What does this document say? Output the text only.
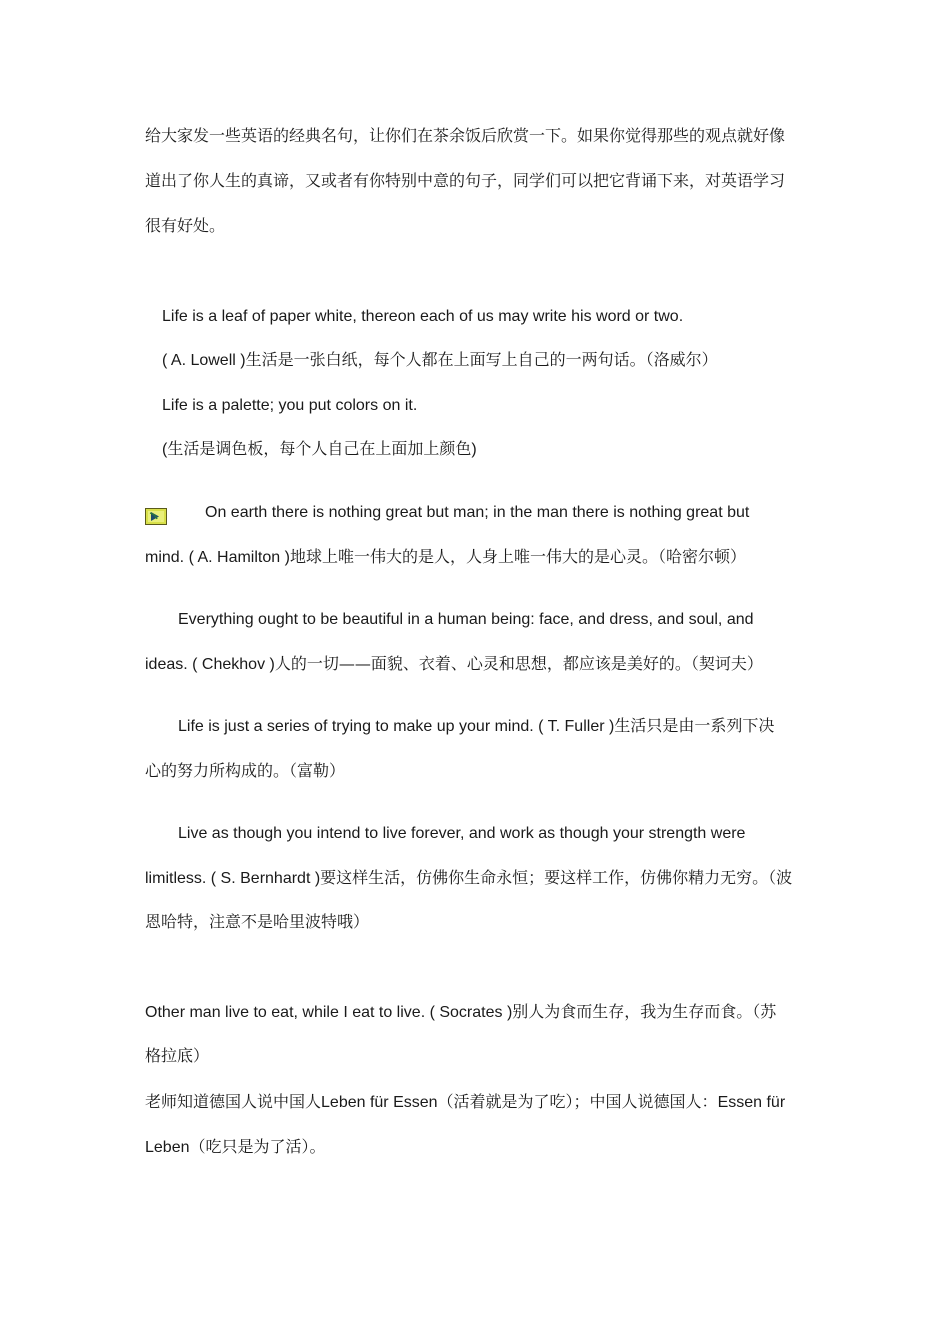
给大家发一些英语的经典名句，让你们在茶余饭后欣赏一下。如果你觉得那些的观点就好像
道出了你人生的真谛，又或者有你特别中意的句子，同学们可以把它背诵下来，对英语学习
很有好处。
Life is a leaf of paper white, thereon each of us may write his word or two.
( A. Lowell )生活是一张白纸，每个人都在上面写上自己的一两句话。（洛威尔）
Life is a palette; you put colors on it.
(生活是调色板，每个人自己在上面加上颜色)
On earth there is nothing great but man; in the man there is nothing great but
mind. ( A. Hamilton )地球上唯一伟大的是人，人身上唯一伟大的是心灵。（哈密尔顿）
Everything ought to be beautiful in a human being: face, and dress, and soul, and
ideas. ( Chekhov )人的一切——面貌、衣着、心灵和思想，都应该是美好的。（契诃夫）
Life is just a series of trying to make up your mind. ( T. Fuller )生活只是由一系列下决
心的努力所构成的。（富勒）
Live as though you intend to live forever, and work as though your strength were
limitless. ( S. Bernhardt )要这样生活，仿佛你生命永恒；要这样工作，仿佛你精力无穷。（波
恩哈特，注意不是哈里波特哦）
Other man live to eat, while I eat to live. ( Socrates )别人为食而生存，我为生存而食。（苏
格拉底）
老师知道德国人说中国人Leben für Essen（活着就是为了吃）；中国人说德国人：Essen für
Leben（吃只是为了活）。
